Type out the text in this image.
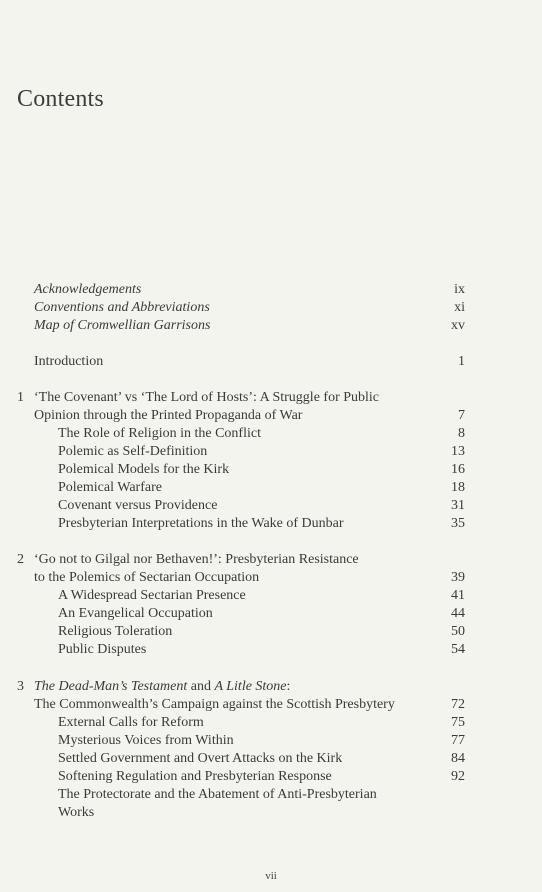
Contents
Acknowledgements	ix
Conventions and Abbreviations	xi
Map of Cromwellian Garrisons	xv
Introduction	1
1 ‘The Covenant’ vs ‘The Lord of Hosts’: A Struggle for Public
Opinion through the Printed Propaganda of War	7
The Role of Religion in the Conflict	8
Polemic as Self-Definition	13
Polemical Models for the Kirk	16
Polemical Warfare	18
Covenant versus Providence	31
Presbyterian Interpretations in the Wake of Dunbar	35
2 ‘Go not to Gilgal nor Bethaven!’: Presbyterian Resistance
to the Polemics of Sectarian Occupation	39
A Widespread Sectarian Presence	41
An Evangelical Occupation	44
Religious Toleration	50
Public Disputes	54
3 The Dead-Man’s Testament and A Litle Stone:
The Commonwealth’s Campaign against the Scottish Presbytery	72
External Calls for Reform	75
Mysterious Voices from Within	77
Settled Government and Overt Attacks on the Kirk	84
Softening Regulation and Presbyterian Response	92
The Protectorate and the Abatement of Anti-Presbyterian
Works
vii
